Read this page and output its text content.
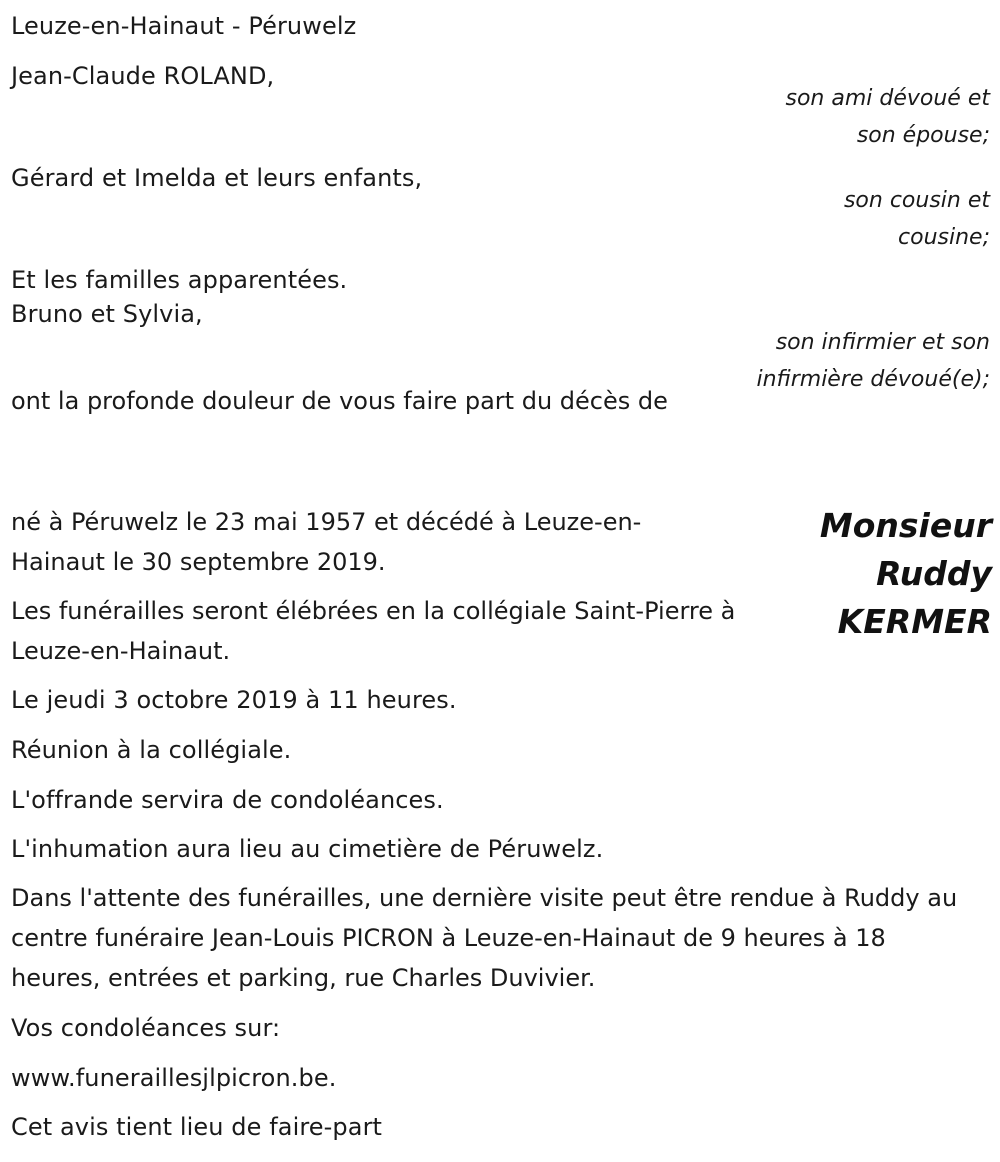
Leuze-en-Hainaut - Péruwelz
Jean-Claude ROLAND,
son ami dévoué et son épouse;
Gérard et Imelda et leurs enfants,
son cousin et cousine;
Et les familles apparentées.
Bruno et Sylvia,
son infirmier et son infirmière dévoué(e);
ont la profonde douleur de vous faire part du décès de
Monsieur Ruddy KERMER
né à Péruwelz le 23 mai 1957 et décédé à Leuze-en-Hainaut le 30 septembre 2019.
Les funérailles seront élébrées en la collégiale Saint-Pierre à Leuze-en-Hainaut.
Le jeudi 3 octobre 2019 à 11 heures.
Réunion à la collégiale.
L'offrande servira de condoléances.
L'inhumation aura lieu au cimetière de Péruwelz.
Dans l'attente des funérailles, une dernière visite peut être rendue à Ruddy au centre funéraire Jean-Louis PICRON à Leuze-en-Hainaut de 9 heures à 18 heures, entrées et parking, rue Charles Duvivier.
Vos condoléances sur:
www.funeraillesjlpicron.be.
Cet avis tient lieu de faire-part
